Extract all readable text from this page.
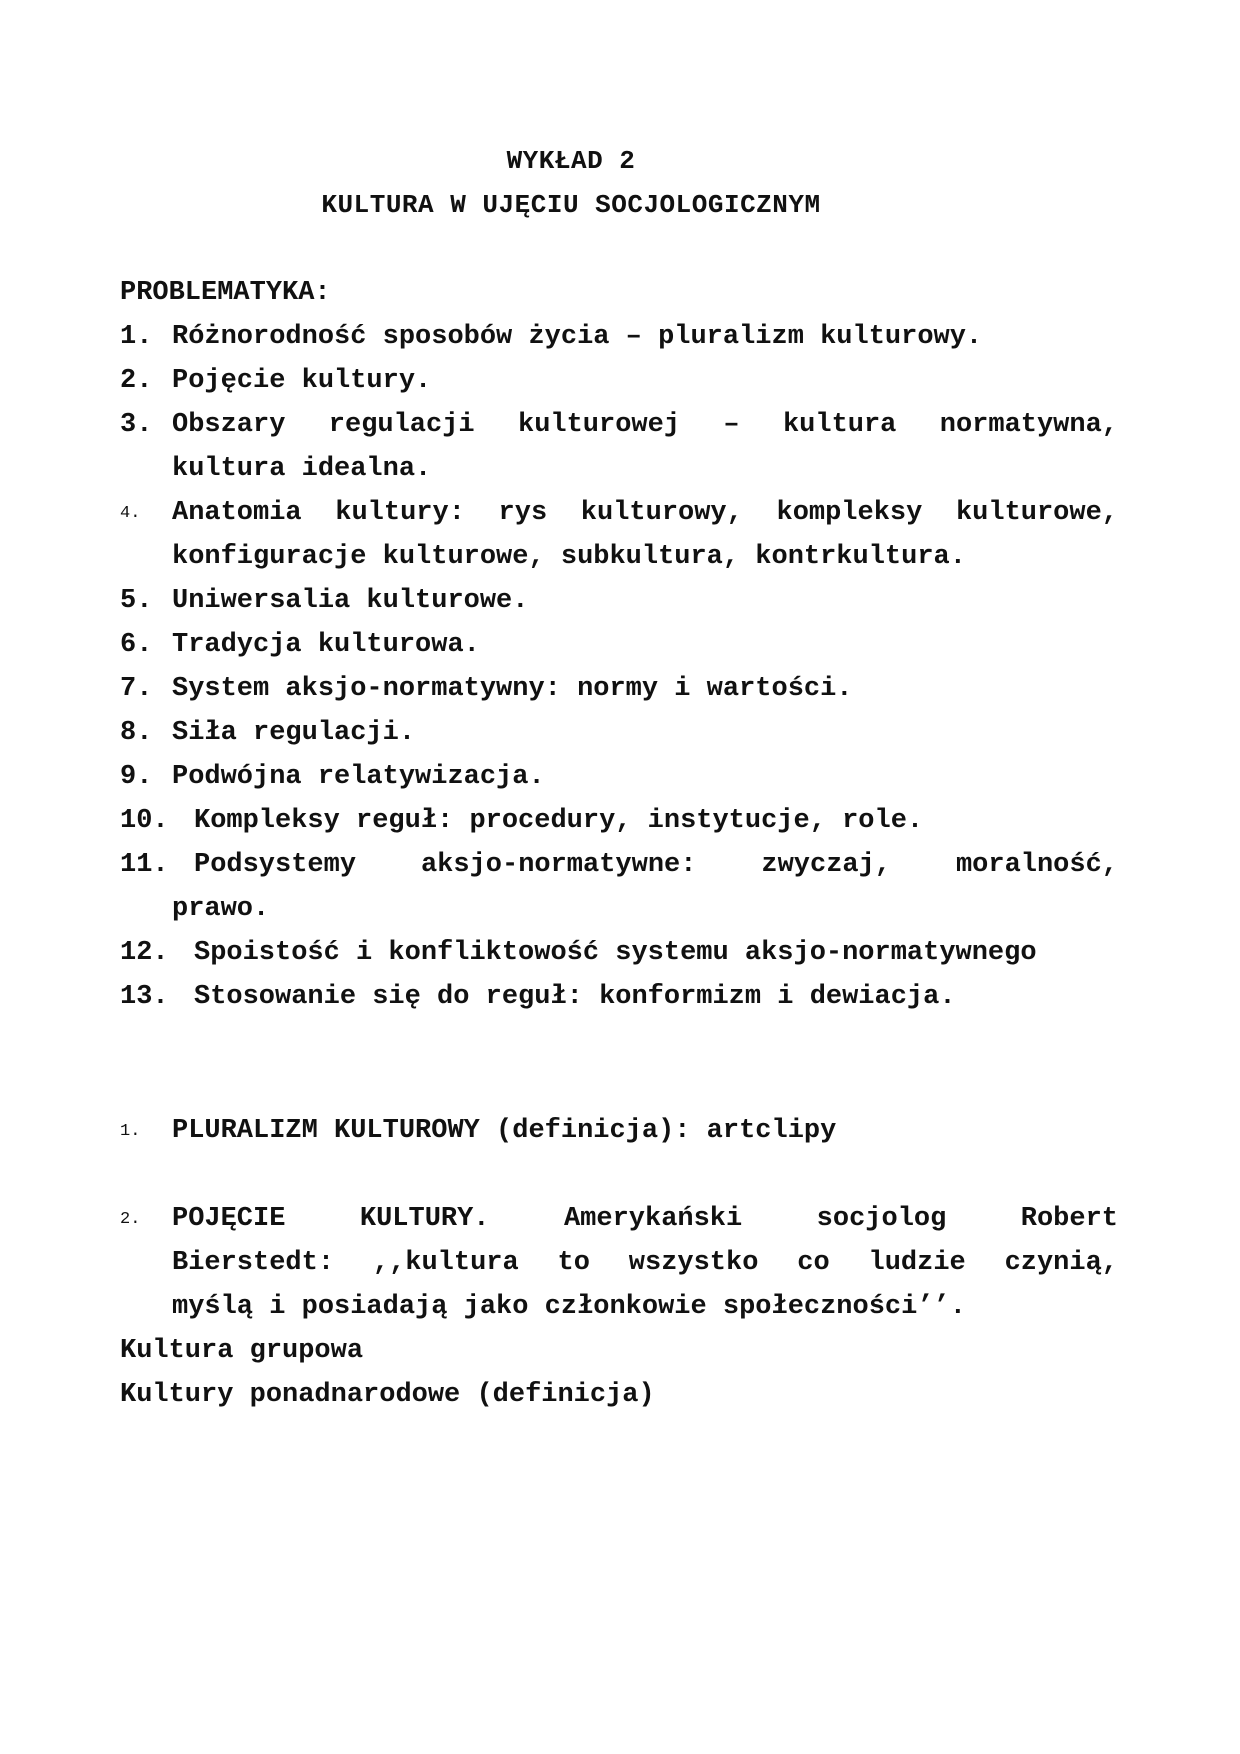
WYKŁAD 2
KULTURA W UJĘCIU SOCJOLOGICZNYM
PROBLEMATYKA:
1. Różnorodność sposobów życia – pluralizm kulturowy.
2. Pojęcie kultury.
3. Obszary regulacji kulturowej – kultura normatywna,
kultura idealna.
4. Anatomia kultury: rys kulturowy, kompleksy kulturowe,
konfiguracje kulturowe, subkultura, kontrkultura.
5. Uniwersalia kulturowe.
6. Tradycja kulturowa.
7. System aksjo-normatywny: normy i wartości.
8. Siła regulacji.
9. Podwójna relatywizacja.
10. Kompleksy reguł: procedury, instytucje, role.
11. Podsystemy aksjo-normatywne: zwyczaj, moralność,
prawo.
12. Spoistość i konfliktowość systemu aksjo-normatywnego
13. Stosowanie się do reguł: konformizm i dewiacja.
1. PLURALIZM KULTUROWY (definicja): artclipy
2. POJĘCIE KULTURY. Amerykański socjolog Robert
Bierstedt: ,,kultura to wszystko co ludzie czynią,
myślą i posiadają jako członkowie społeczności’’.
Kultura grupowa
Kultury ponadnarodowe (definicja)
